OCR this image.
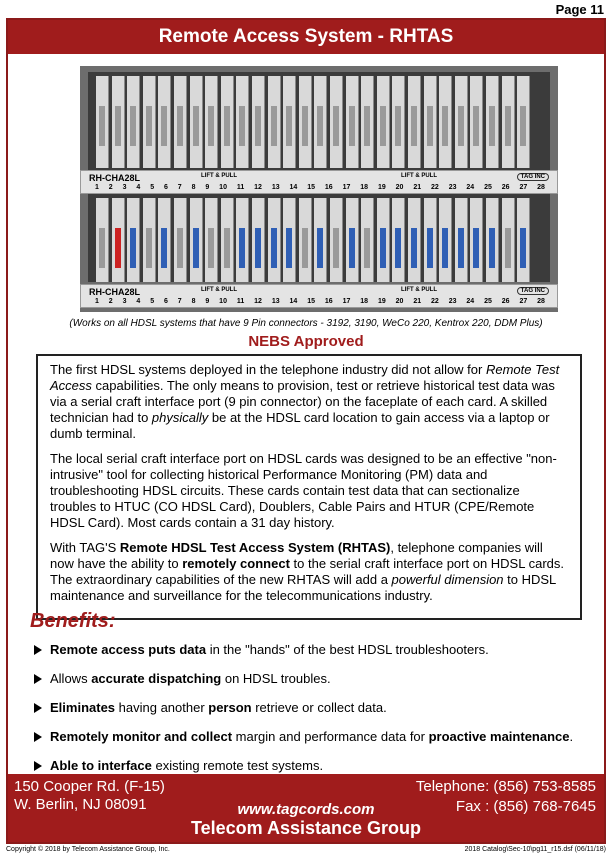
Page 11
Remote Access System - RHTAS
RH-CHA28L	LIFT & PULL	LIFT & PULL	TAG INC
1 2 3 4 5 6 7 8 9 10 11 12 13 14 15 16 17 18 19 20 21 22 23 24 25 26 27 28
RH-CHA28L	LIFT & PULL	LIFT & PULL	TAG INC
1 2 3 4 5 6 7 8 9 10 11 12 13 14 15 16 17 18 19 20 21 22 23 24 25 26 27 28
(Works on all HDSL systems that have 9 Pin connectors - 3192, 3190, WeCo 220, Kentrox 220, DDM Plus)
NEBS Approved

The first HDSL systems deployed in the telephone industry did not allow for Remote Test Access capabilities. The only means to provision, test or retrieve historical test data was via a serial craft interface port (9 pin connector) on the faceplate of each card. A skilled technician had to physically be at the HDSL card location to gain access via a laptop or dumb terminal.

The local serial craft interface port on HDSL cards was designed to be an effective "non-intrusive" tool for collecting historical Performance Monitoring (PM) data and troubleshooting HDSL circuits. These cards contain test data that can sectionalize troubles to HTUC (CO HDSL Card), Doublers, Cable Pairs and HTUR (CPE/Remote HDSL Card). Most cards contain a 31 day history.

With TAG'S Remote HDSL Test Access System (RHTAS), telephone companies will now have the ability to remotely connect to the serial craft interface port on HDSL cards. The extraordinary capabilities of the new RHTAS will add a powerful dimension to HDSL maintenance and surveillance for the telecommunications industry.

Benefits:
Remote access puts data in the "hands" of the best HDSL troubleshooters.
Allows accurate dispatching on HDSL troubles.
Eliminates having another person retrieve or collect data.
Remotely monitor and collect margin and performance data for proactive maintenance.
Able to interface existing remote test systems.
150 Cooper Rd. (F-15)
W. Berlin, NJ 08091
Telephone: (856) 753-8585
Fax : (856) 768-7645
www.tagcords.com
Telecom Assistance Group
Copyright © 2018 by Telecom Assistance Group, Inc.	2018 Catalog\Sec-10\pg11_r15.dsf (06/11/18)
